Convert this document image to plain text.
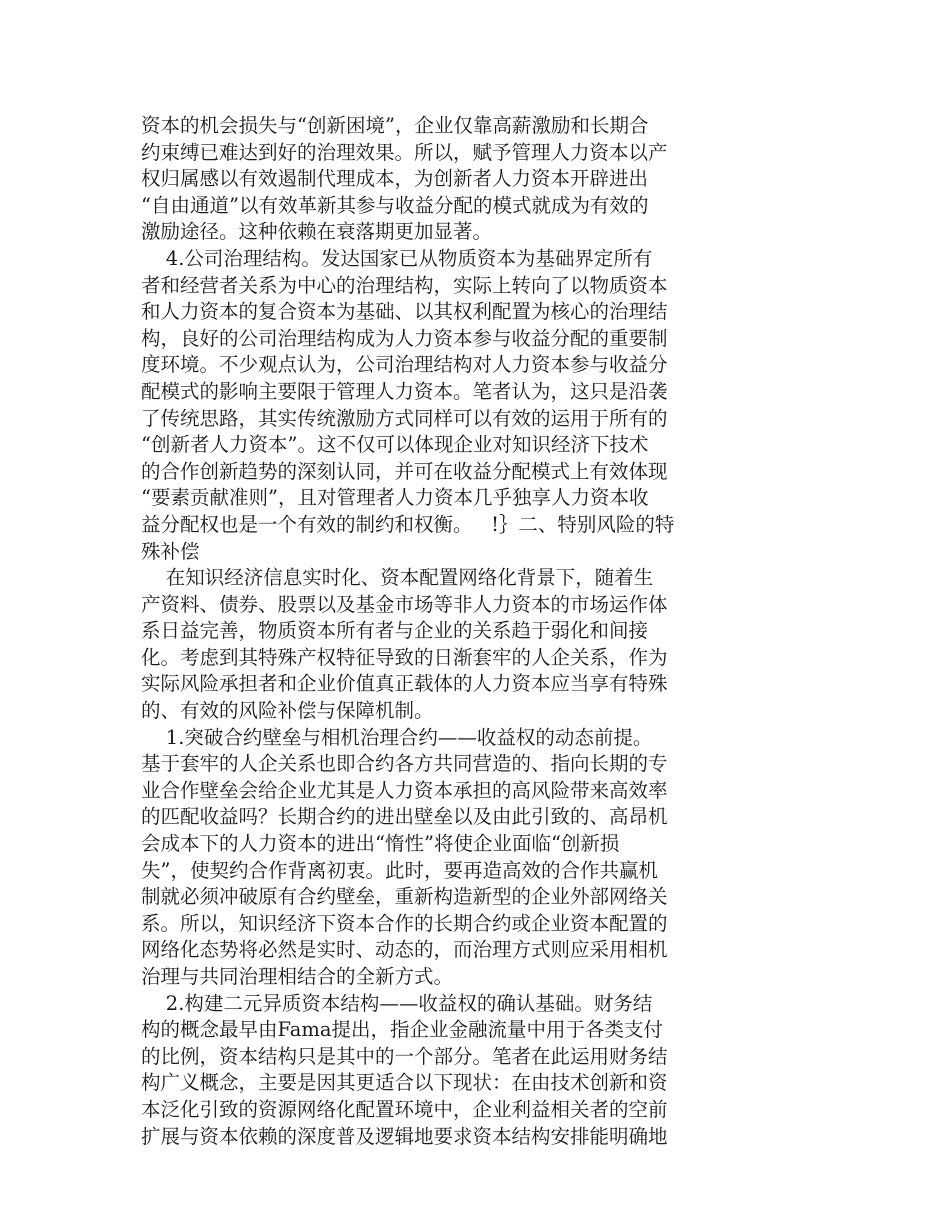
资本的机会损失与“创新困境”，企业仅靠高薪激励和长期合
约束缚已难达到好的治理效果。所以，赋予管理人力资本以产
权归属感以有效遏制代理成本，为创新者人力资本开辟进出
“自由通道”以有效革新其参与收益分配的模式就成为有效的
激励途径。这种依赖在衰落期更加显著。
4.公司治理结构。发达国家已从物质资本为基础界定所有
者和经营者关系为中心的治理结构，实际上转向了以物质资本
和人力资本的复合资本为基础、以其权利配置为核心的治理结
构，良好的公司治理结构成为人力资本参与收益分配的重要制
度环境。不少观点认为，公司治理结构对人力资本参与收益分
配模式的影响主要限于管理人力资本。笔者认为，这只是沿袭
了传统思路，其实传统激励方式同样可以有效的运用于所有的
“创新者人力资本”。这不仅可以体现企业对知识经济下技术
的合作创新趋势的深刻认同，并可在收益分配模式上有效体现
“要素贡献准则”，且对管理者人力资本几乎独享人力资本收
益分配权也是一个有效的制约和权衡。   !｝二、特别风险的特
殊补偿
在知识经济信息实时化、资本配置网络化背景下，随着生
产资料、债券、股票以及基金市场等非人力资本的市场运作体
系日益完善，物质资本所有者与企业的关系趋于弱化和间接
化。考虑到其特殊产权特征导致的日渐套牢的人企关系，作为
实际风险承担者和企业价值真正载体的人力资本应当享有特殊
的、有效的风险补偿与保障机制。
1.突破合约壁垒与相机治理合约——收益权的动态前提。
基于套牢的人企关系也即合约各方共同营造的、指向长期的专
业合作壁垒会给企业尤其是人力资本承担的高风险带来高效率
的匹配收益吗？长期合约的进出壁垒以及由此引致的、高昂机
会成本下的人力资本的进出“惰性”将使企业面临“创新损
失”，使契约合作背离初衷。此时，要再造高效的合作共赢机
制就必须冲破原有合约壁垒，重新构造新型的企业外部网络关
系。所以，知识经济下资本合作的长期合约或企业资本配置的
网络化态势将必然是实时、动态的，而治理方式则应采用相机
治理与共同治理相结合的全新方式。
2.构建二元异质资本结构——收益权的确认基础。财务结
构的概念最早由Fama提出，指企业金融流量中用于各类支付
的比例，资本结构只是其中的一个部分。笔者在此运用财务结
构广义概念，主要是因其更适合以下现状：在由技术创新和资
本泛化引致的资源网络化配置环境中，企业利益相关者的空前
扩展与资本依赖的深度普及逻辑地要求资本结构安排能明确地
